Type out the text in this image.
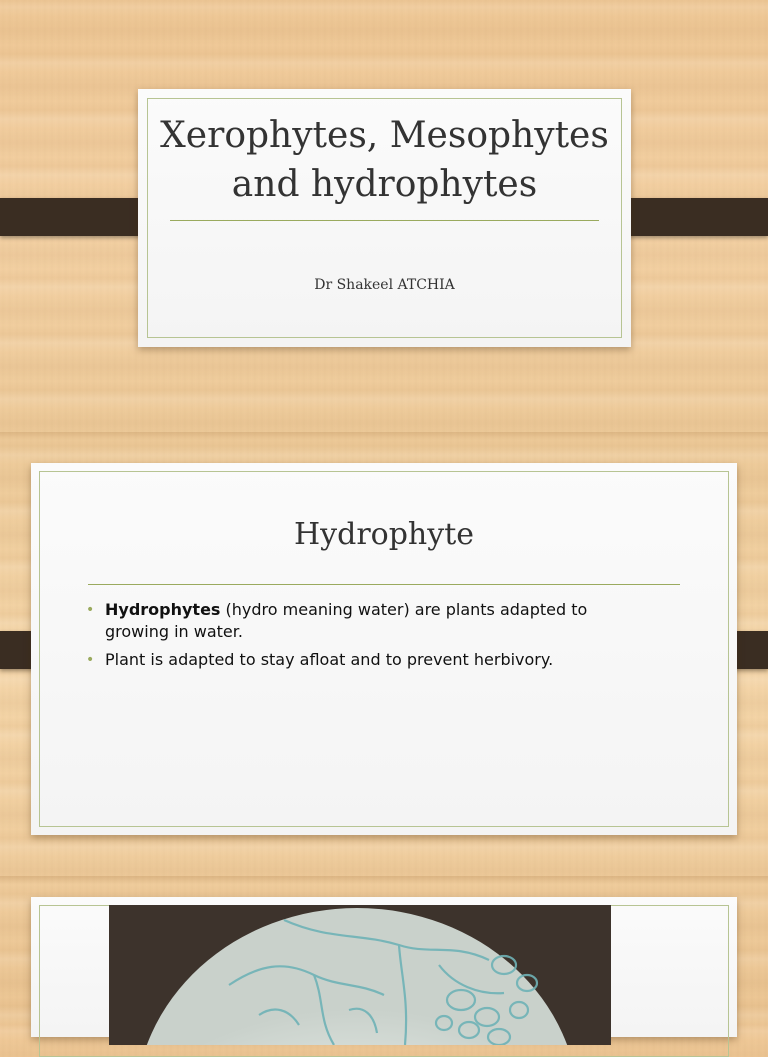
Xerophytes, Mesophytes and hydrophytes
Dr Shakeel ATCHIA
Hydrophyte
• Hydrophytes (hydro meaning water) are plants adapted to growing in water.
• Plant is adapted to stay afloat and to prevent herbivory.
